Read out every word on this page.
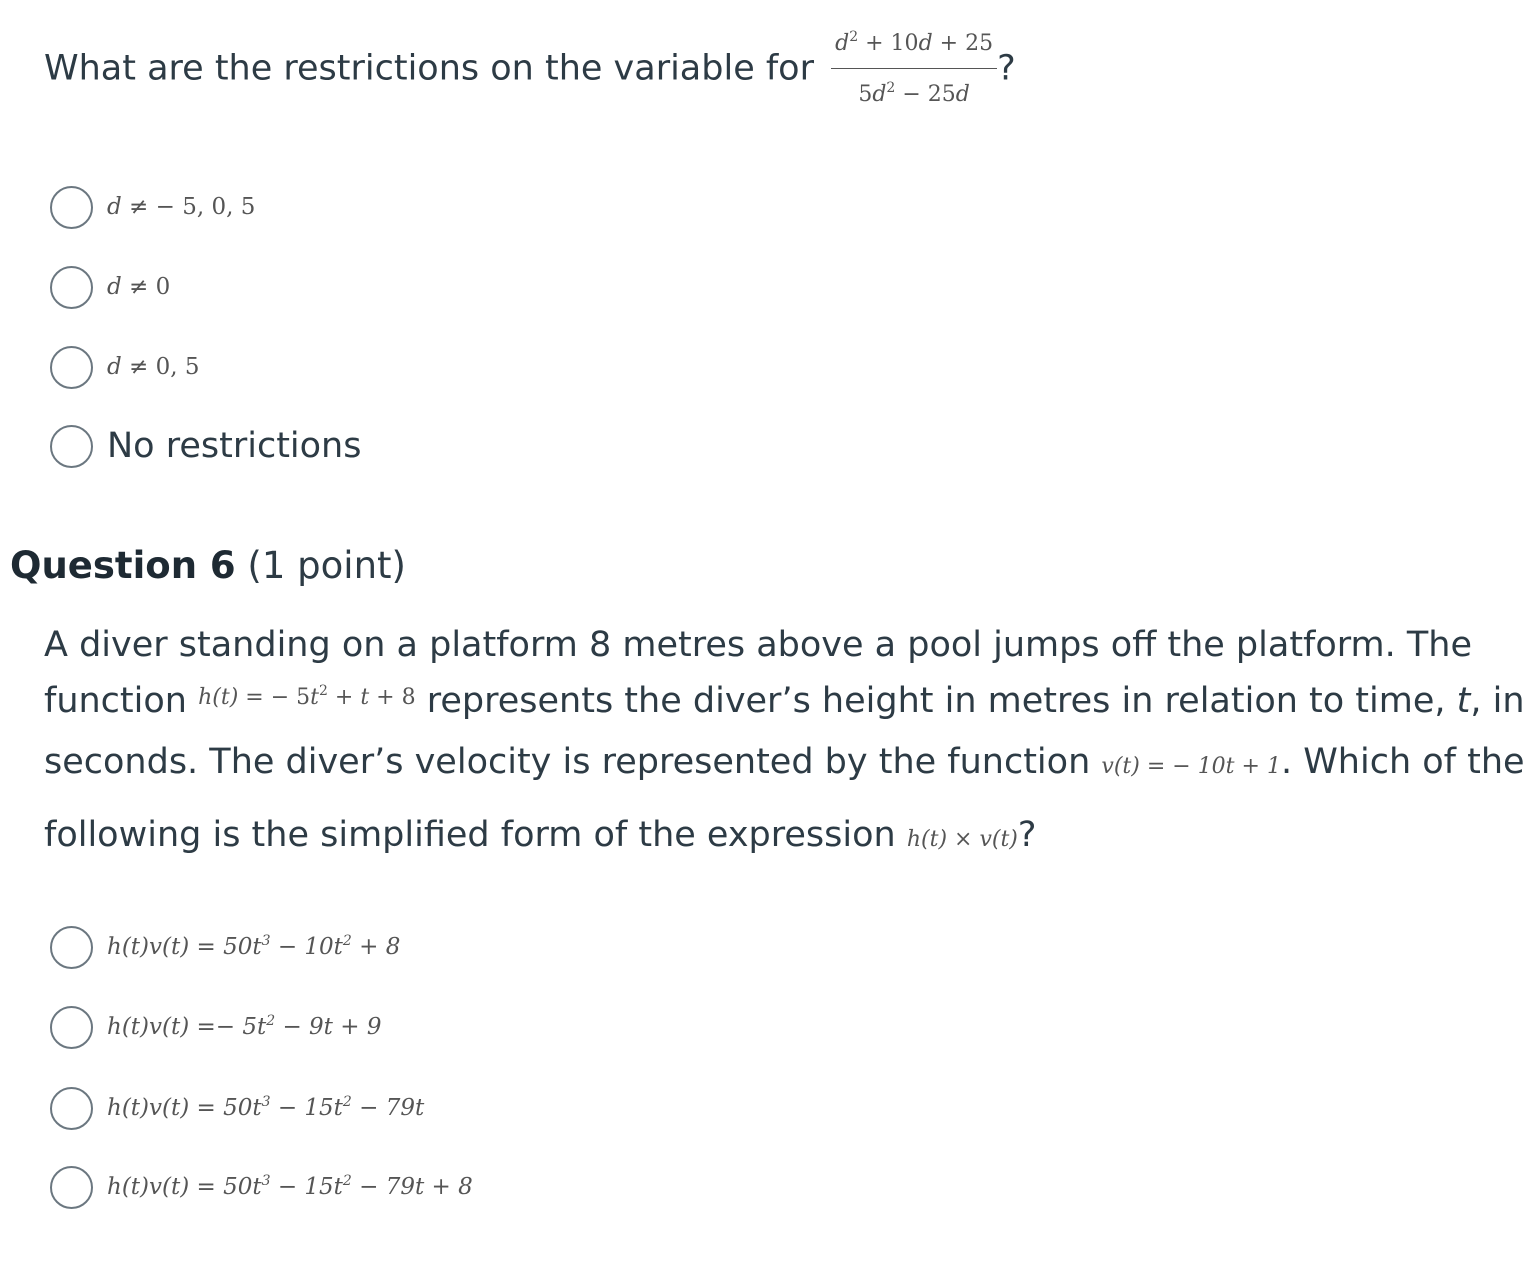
What are the restrictions on the variable for $\frac{d^2 + 10d + 25}{5d^2 - 25d}$ ?
d ≠ − 5, 0, 5
d ≠ 0
d ≠ 0, 5
No restrictions
Question 6 (1 point)
A diver standing on a platform 8 metres above a pool jumps off the platform. The
function $^{h(t) = - 5t^2 + t + 8}$ represents the diver’s height in metres in relation to time, t, in
seconds. The diver’s velocity is represented by the function v(t) = − 10t + 1. Which of the
following is the simplified form of the expression h(t) × v(t)?
$h(t)v(t) = 50t^3 - 10t^2 + 8$
$h(t)v(t) =- 5t^2 - 9t + 9$
$h(t)v(t) = 50t^3 - 15t^2 - 79t$
$h(t)v(t) = 50t^3 - 15t^2 - 79t + 8$
